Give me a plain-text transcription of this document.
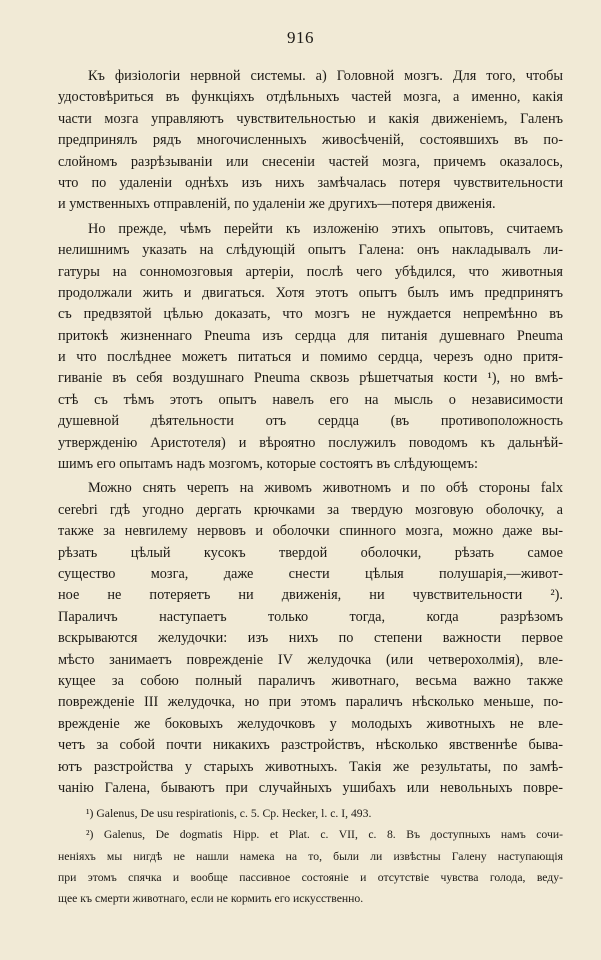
916
Къ физiологiи нервной системы. а) Головной мозгъ. Для того, чтобы
удостовѣриться въ функцiяхъ отдѣльныхъ частей мозга, а именно, какiя
части мозга управляютъ чувствительностью и какiя движенiемъ, Галенъ
предпринялъ рядъ многочисленныхъ живосѣченiй, состоявшихъ въ по-
слойномъ разрѣзываніи или снесенiи частей мозга, причемъ оказалось,
что по удаленiи однѣхъ изъ нихъ замѣчалась потеря чувствительности
и умственныхъ отправленiй, по удаленiи же другихъ—потеря движенiя.
Но прежде, чѣмъ перейти къ изложенiю этихъ опытовъ, считаемъ
нелишнимъ указать на слѣдующiй опытъ Галена: онъ накладывалъ ли-
гатуры на сонномозговыя артерiи, послѣ чего убѣдился, что животныя
продолжали жить и двигаться. Хотя этотъ опытъ былъ имъ предпринятъ
съ предвзятой цѣлью доказать, что мозгъ не нуждается непремѣнно въ
притокѣ жизненнаго Pneuma изъ сердца для питанiя душевнаго Pneuma
и что послѣднее можетъ питаться и помимо сердца, черезъ одно притя-
гиванiе въ себя воздушнаго Pneuma сквозь рѣшетчатыя кости ¹), но вмѣ-
стѣ съ тѣмъ этотъ опытъ навелъ его на мысль о независимости
душевной дѣятельности отъ сердца (въ противоположность
утвержденiю Аристотеля) и вѣроятно послужилъ поводомъ къ дальнѣй-
шимъ его опытамъ надъ мозгомъ, которые состоятъ въ слѣдующемъ:
Можно снять черепъ на живомъ животномъ и по обѣ стороны falx
cerebri гдѣ угодно дергать крючками за твердую мозговую оболочку, а
также за невrилему нервовъ и оболочки спинного мозга, можно даже вы-
рѣзать цѣлый кусокъ твердой оболочки, рѣзать самое
существо мозга, даже снести цѣлыя полушарiя,—живот-
ное не потеряетъ ни движенiя, ни чувствительности ²).
Параличъ наступаетъ только тогда, когда разрѣзомъ
вскрываются желудочки: изъ нихъ по степени важности первое
мѣсто занимаетъ поврежденiе IV желудочка (или четверохолмiя), вле-
кущее за собою полный параличъ животнаго, весьма важно также
поврежденiе III желудочка, но при этомъ параличъ нѣсколько меньше, по-
врежденiе же боковыхъ желудочковъ у молодыхъ животныхъ не вле-
четъ за собой почти никакихъ разстройствъ, нѣсколько явственнѣе быва-
ютъ разстройства у старыхъ животныхъ. Такiя же результаты, по замѣ-
чанiю Галена, бываютъ при случайныхъ ушибахъ или невольныхъ повре-
¹) Galenus, De usu respirationis, c. 5. Ср. Hecker, l. c. I, 493.
²) Galenus, De dogmatis Hipp. et Plat. c. VII, c. 8. Въ доступныхъ намъ сочи-
ненiяхъ мы нигдѣ не нашли намека на то, были ли извѣстны Галену наступающiя
при этомъ спячка и вообще пассивное состоянiе и отсутствiе чувства голода, веду-
щее къ смерти животнаго, если не кормить его искусственно.
